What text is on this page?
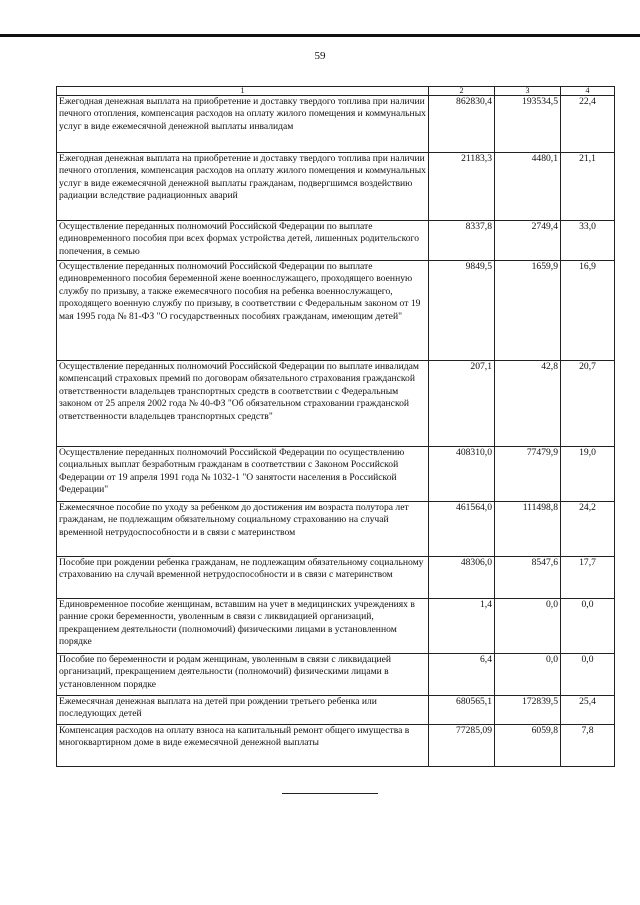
59
1	2	3	4
Ежегодная денежная выплата на приобретение и доставку твердого топлива при наличии печного отопления, компенсация расходов на оплату жилого помещения и коммунальных услуг в виде ежемесячной денежной выплаты инвалидам	862830,4	193534,5	22,4
Ежегодная денежная выплата на приобретение и доставку твердого топлива при наличии печного отопления, компенсация расходов на оплату жилого помещения и коммунальных услуг в виде ежемесячной денежной выплаты гражданам, подвергшимся воздействию радиации вследствие радиационных аварий	21183,3	4480,1	21,1
Осуществление переданных полномочий Российской Федерации по выплате единовременного пособия при всех формах устройства детей, лишенных родительского попечения, в семью	8337,8	2749,4	33,0
Осуществление переданных полномочий Российской Федерации по выплате единовременного пособия беременной жене военнослужащего, проходящего военную службу по призыву, а также ежемесячного пособия на ребенка военнослужащего, проходящего военную службу по призыву, в соответствии с Федеральным законом от 19 мая 1995 года № 81-ФЗ "О государственных пособиях гражданам, имеющим детей"	9849,5	1659,9	16,9
Осуществление переданных полномочий Российской Федерации по выплате инвалидам компенсаций страховых премий по договорам обязательного страхования гражданской ответственности владельцев транспортных средств в соответствии с Федеральным законом от 25 апреля 2002 года № 40-ФЗ "Об обязательном страховании гражданской ответственности владельцев транспортных средств"	207,1	42,8	20,7
Осуществление переданных полномочий Российской Федерации по осуществлению социальных выплат безработным гражданам в соответствии с Законом Российской Федерации от 19 апреля 1991 года № 1032-1 "О занятости населения в Российской Федерации"	408310,0	77479,9	19,0
Ежемесячное пособие по уходу за ребенком до достижения им возраста полутора лет гражданам, не подлежащим обязательному социальному страхованию на случай временной нетрудоспособности и в связи с материнством	461564,0	111498,8	24,2
Пособие при рождении ребенка гражданам, не подлежащим обязательному социальному страхованию на случай временной нетрудоспособности и в связи с материнством	48306,0	8547,6	17,7
Единовременное пособие женщинам, вставшим на учет в медицинских учреждениях в ранние сроки беременности, уволенным в связи с ликвидацией организаций, прекращением деятельности (полномочий) физическими лицами в установленном порядке	1,4	0,0	0,0
Пособие по беременности и родам женщинам, уволенным в связи с ликвидацией организаций, прекращением деятельности (полномочий) физическими лицами в установленном порядке	6,4	0,0	0,0
Ежемесячная денежная выплата на детей при рождении третьего ребенка или последующих детей	680565,1	172839,5	25,4
Компенсация расходов на оплату взноса на капитальный ремонт общего имущества в многоквартирном доме в виде ежемесячной денежной выплаты	77285,09	6059,8	7,8
